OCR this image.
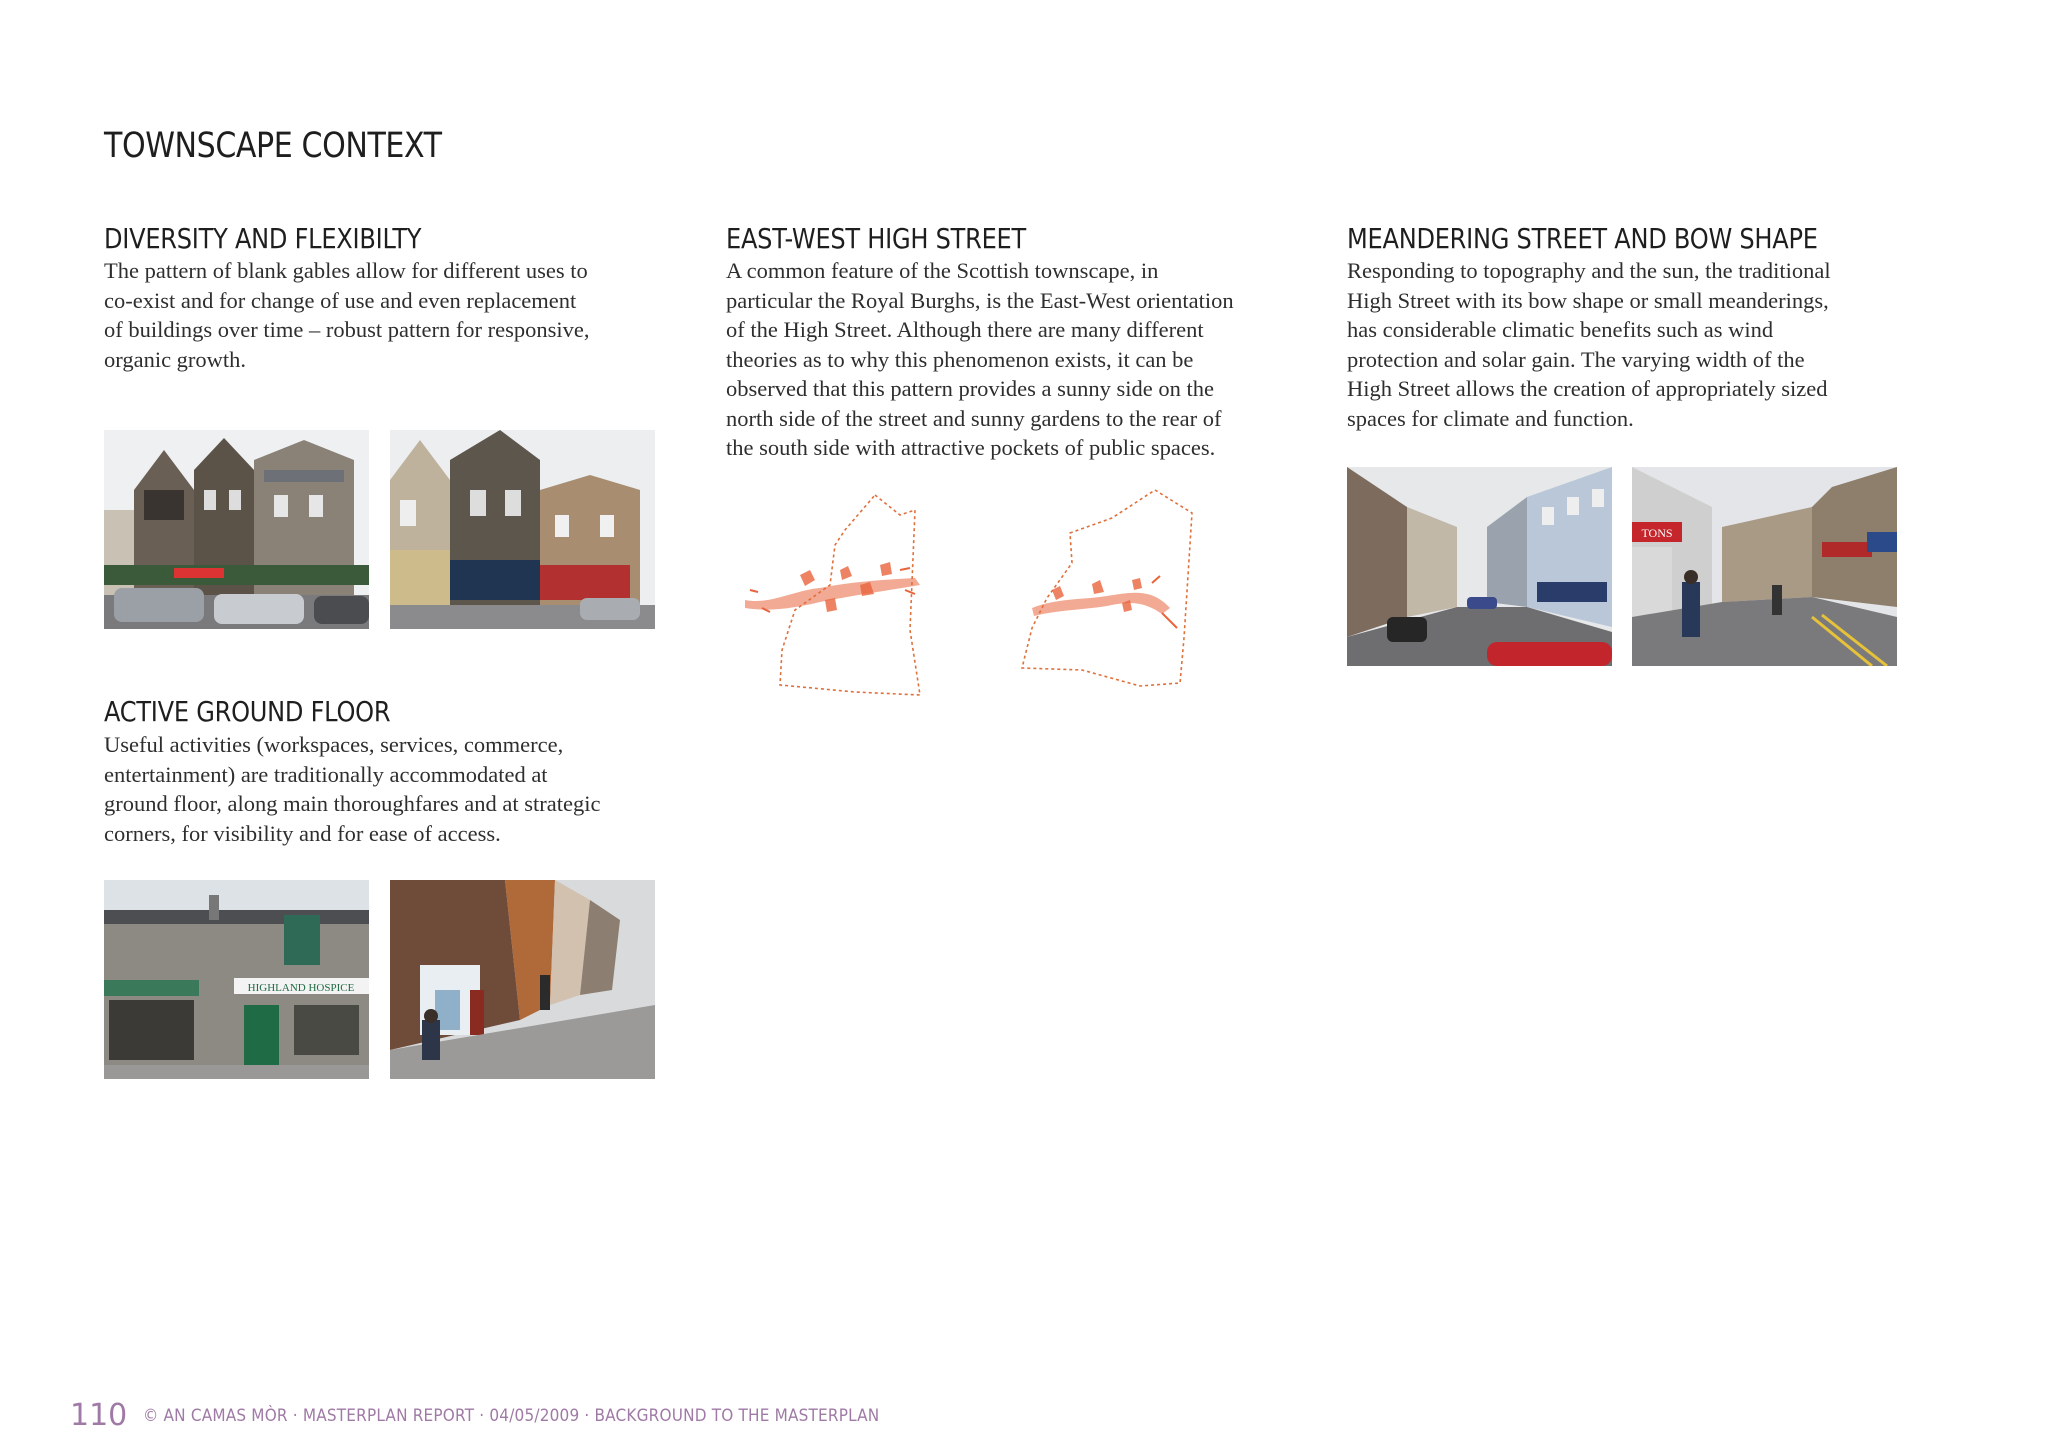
TOWNSCAPE CONTEXT
DIVERSITY AND FLEXIBILTY
The pattern of blank gables allow for different uses to
co-exist and for change of use and even replacement
of buildings over time – robust pattern for responsive,
organic growth.
ACTIVE GROUND FLOOR
Useful activities (workspaces, services, commerce,
entertainment) are traditionally accommodated at
ground floor, along main thoroughfares and at strategic
corners, for visibility and for ease of access.
HIGHLAND HOSPICE
EAST-WEST HIGH STREET
A common feature of the Scottish townscape, in
particular the Royal Burghs, is the East-West orientation
of the High Street. Although there are many different
theories as to why this phenomenon exists, it can be
observed that this pattern provides a sunny side on the
north side of the street and sunny gardens to the rear of
the south side with attractive pockets of public spaces.
MEANDERING STREET AND BOW SHAPE
Responding to topography and the sun, the traditional
High Street with its bow shape or small meanderings,
has considerable climatic benefits such as wind
protection and solar gain. The varying width of the
High Street allows the creation of appropriately sized
spaces for climate and function.
TONS
110 © AN CAMAS MÒR · MASTERPLAN REPORT · 04/05/2009 · BACKGROUND TO THE MASTERPLAN
